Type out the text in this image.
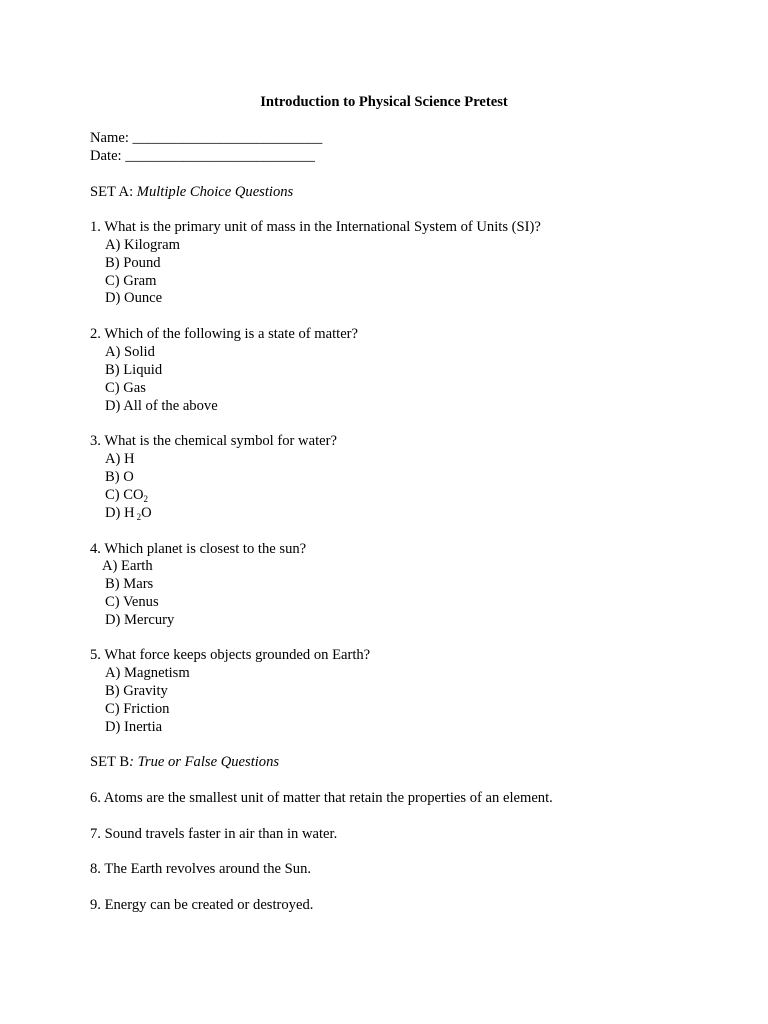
Introduction to Physical Science Pretest
Name: __________________________
Date: __________________________
SET A: Multiple Choice Questions
1. What is the primary unit of mass in the International System of Units (SI)?
A) Kilogram
B) Pound
C) Gram
D) Ounce
2. Which of the following is a state of matter?
A) Solid
B) Liquid
C) Gas
D) All of the above
3. What is the chemical symbol for water?
A) H
B) O
C) $CO_2$
D) H $_2$O
4. Which planet is closest to the sun?
A) Earth
B) Mars
C) Venus
D) Mercury
5. What force keeps objects grounded on Earth?
A) Magnetism
B) Gravity
C) Friction
D) Inertia
SET B: True or False Questions
6. Atoms are the smallest unit of matter that retain the properties of an element.
7. Sound travels faster in air than in water.
8. The Earth revolves around the Sun.
9. Energy can be created or destroyed.
